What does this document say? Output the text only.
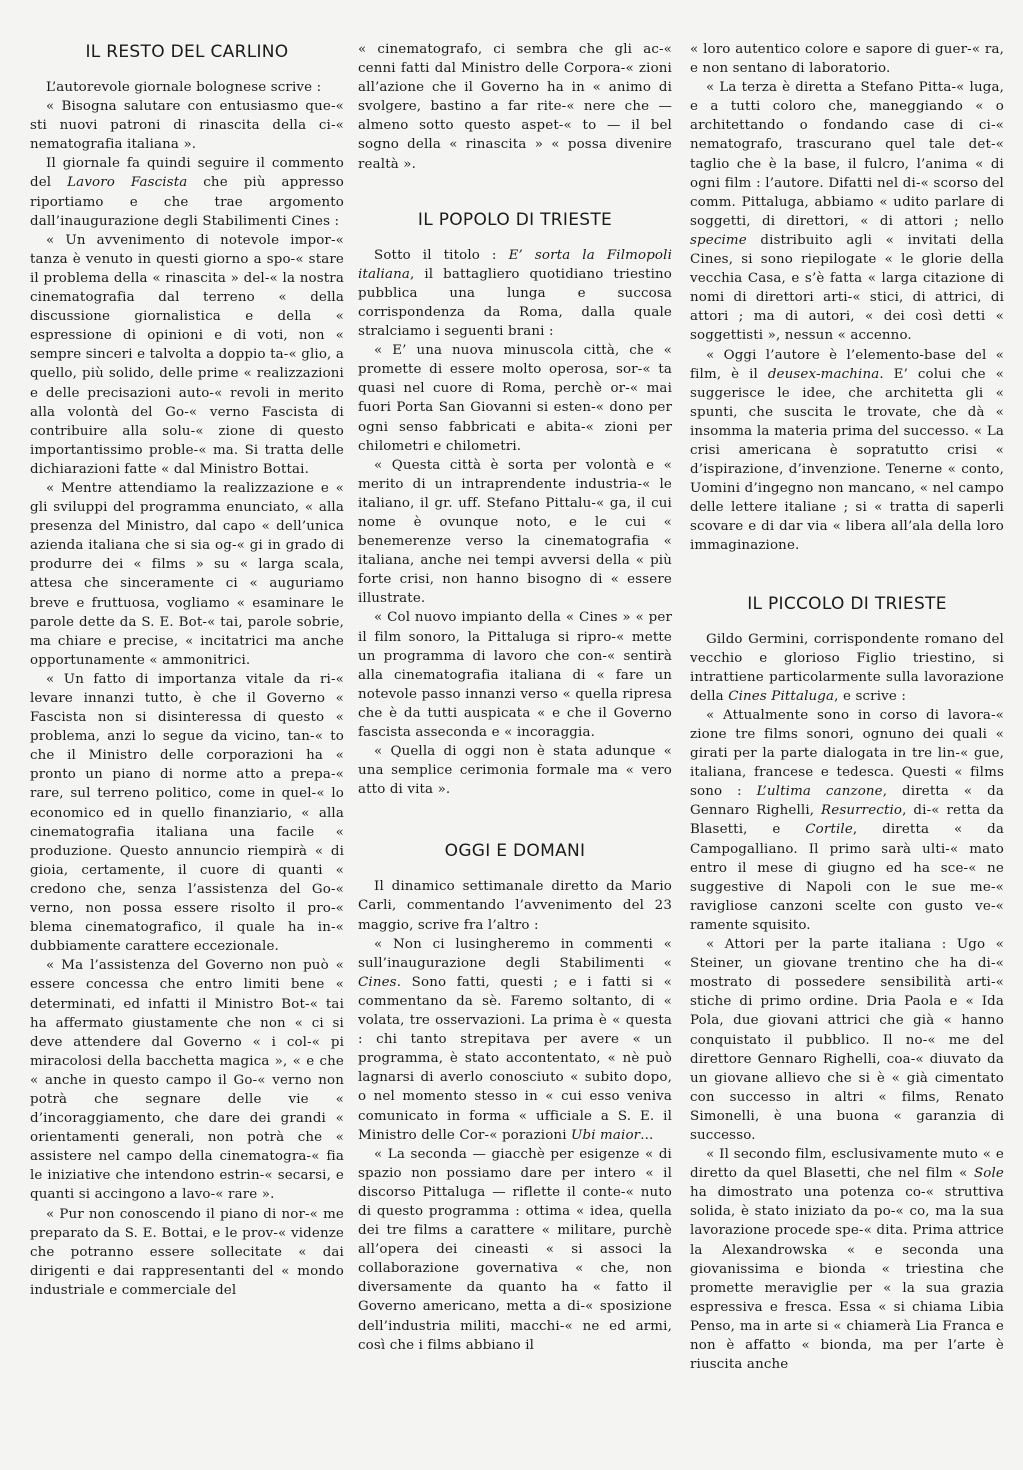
IL RESTO DEL CARLINO

L’autorevole giornale bolognese scrive :

« Bisogna salutare con entusiasmo que-« sti nuovi patroni di rinascita della ci-« nematografia italiana ».

Il giornale fa quindi seguire il commento del Lavoro Fascista che più appresso riportiamo e che trae argomento dall’inaugurazione degli Stabilimenti Cines :

« Un avvenimento di notevole impor-« tanza è venuto in questi giorno a spo-« stare il problema della « rinascita » del-« la nostra cinematografia dal terreno « della discussione giornalistica e della « espressione di opinioni e di voti, non « sempre sinceri e talvolta a doppio ta-« glio, a quello, più solido, delle prime « realizzazioni e delle precisazioni auto-« revoli in merito alla volontà del Go-« verno Fascista di contribuire alla solu-« zione di questo importantissimo proble-« ma. Si tratta delle dichiarazioni fatte « dal Ministro Bottai.

« Mentre attendiamo la realizzazione e « gli sviluppi del programma enunciato, « alla presenza del Ministro, dal capo « dell’unica azienda italiana che si sia og-« gi in grado di produrre dei « films » su « larga scala, attesa che sinceramente ci « auguriamo breve e fruttuosa, vogliamo « esaminare le parole dette da S. E. Bot-« tai, parole sobrie, ma chiare e precise, « incitatrici ma anche opportunamente « ammonitrici.

« Un fatto di importanza vitale da ri-« levare innanzi tutto, è che il Governo « Fascista non si disinteressa di questo « problema, anzi lo segue da vicino, tan-« to che il Ministro delle corporazioni ha « pronto un piano di norme atto a prepa-« rare, sul terreno politico, come in quel-« lo economico ed in quello finanziario, « alla cinematografia italiana una facile « produzione. Questo annuncio riempirà « di gioia, certamente, il cuore di quanti « credono che, senza l’assistenza del Go-« verno, non possa essere risolto il pro-« blema cinematografico, il quale ha in-« dubbiamente carattere eccezionale.

« Ma l’assistenza del Governo non può « essere concessa che entro limiti bene « determinati, ed infatti il Ministro Bot-« tai ha affermato giustamente che non « ci si deve attendere dal Governo « i col-« pi miracolosi della bacchetta magica », « e che « anche in questo campo il Go-« verno non potrà che segnare delle vie « d’incoraggiamento, che dare dei grandi « orientamenti generali, non potrà che « assistere nel campo della cinematogra-« fia le iniziative che intendono estrin-« secarsi, e quanti si accingono a lavo-« rare ».

« Pur non conoscendo il piano di nor-« me preparato da S. E. Bottai, e le prov-« videnze che potranno essere sollecitate « dai dirigenti e dai rappresentanti del « mondo industriale e commerciale del

« cinematografo, ci sembra che gli ac-« cenni fatti dal Ministro delle Corpora-« zioni all’azione che il Governo ha in « animo di svolgere, bastino a far rite-« nere che — almeno sotto questo aspet-« to — il bel sogno della « rinascita » « possa divenire realtà ».

IL POPOLO DI TRIESTE

Sotto il titolo : E’ sorta la Filmopoli italiana, il battagliero quotidiano triestino pubblica una lunga e succosa corrispondenza da Roma, dalla quale stralciamo i seguenti brani :

« E’ una nuova minuscola città, che « promette di essere molto operosa, sor-« ta quasi nel cuore di Roma, perchè or-« mai fuori Porta San Giovanni si esten-« dono per ogni senso fabbricati e abita-« zioni per chilometri e chilometri.

« Questa città è sorta per volontà e « merito di un intraprendente industria-« le italiano, il gr. uff. Stefano Pittalu-« ga, il cui nome è ovunque noto, e le cui « benemerenze verso la cinematografia « italiana, anche nei tempi avversi della « più forte crisi, non hanno bisogno di « essere illustrate.

« Col nuovo impianto della « Cines » « per il film sonoro, la Pittaluga si ripro-« mette un programma di lavoro che con-« sentirà alla cinematografia italiana di « fare un notevole passo innanzi verso « quella ripresa che è da tutti auspicata « e che il Governo fascista asseconda e « incoraggia.

« Quella di oggi non è stata adunque « una semplice cerimonia formale ma « vero atto di vita ».

OGGI E DOMANI

Il dinamico settimanale diretto da Mario Carli, commentando l’avvenimento del 23 maggio, scrive fra l’altro :

« Non ci lusingheremo in commenti « sull’inaugurazione degli Stabilimenti « Cines. Sono fatti, questi ; e i fatti si « commentano da sè. Faremo soltanto, di « volata, tre osservazioni. La prima è « questa : chi tanto strepitava per avere « un programma, è stato accontentato, « nè può lagnarsi di averlo conosciuto « subito dopo, o nel momento stesso in « cui esso veniva comunicato in forma « ufficiale a S. E. il Ministro delle Cor-« porazioni Ubi maior...

« La seconda — giacchè per esigenze « di spazio non possiamo dare per intero « il discorso Pittaluga — riflette il conte-« nuto di questo programma : ottima « idea, quella dei tre films a carattere « militare, purchè all’opera dei cineasti « si associ la collaborazione governativa « che, non diversamente da quanto ha « fatto il Governo americano, metta a di-« sposizione dell’industria militi, macchi-« ne ed armi, così che i films abbiano il

« loro autentico colore e sapore di guer-« ra, e non sentano di laboratorio.

« La terza è diretta a Stefano Pitta-« luga, e a tutti coloro che, maneggiando « o architettando o fondando case di ci-« nematografo, trascurano quel tale det-« taglio che è la base, il fulcro, l’anima « di ogni film : l’autore. Difatti nel di-« scorso del comm. Pittaluga, abbiamo « udito parlare di soggetti, di direttori, « di attori ; nello specime distribuito agli « invitati della Cines, si sono riepilogate « le glorie della vecchia Casa, e s’è fatta « larga citazione di nomi di direttori arti-« stici, di attrici, di attori ; ma di autori, « dei così detti « soggettisti », nessun « accenno.

« Oggi l’autore è l’elemento-base del « film, è il deusex-machina. E’ colui che « suggerisce le idee, che architetta gli « spunti, che suscita le trovate, che dà « insomma la materia prima del successo. « La crisi americana è sopratutto crisi « d’ispirazione, d’invenzione. Tenerne « conto, Uomini d’ingegno non mancano, « nel campo delle lettere italiane ; si « tratta di saperli scovare e di dar via « libera all’ala della loro immaginazione.

IL PICCOLO DI TRIESTE

Gildo Germini, corrispondente romano del vecchio e glorioso Figlio triestino, si intrattiene particolarmente sulla lavorazione della Cines Pittaluga, e scrive :

« Attualmente sono in corso di lavora-« zione tre films sonori, ognuno dei quali « girati per la parte dialogata in tre lin-« gue, italiana, francese e tedesca. Questi « films sono : L’ultima canzone, diretta « da Gennaro Righelli, Resurrectio, di-« retta da Blasetti, e Cortile, diretta « da Campogalliano. Il primo sarà ulti-« mato entro il mese di giugno ed ha sce-« ne suggestive di Napoli con le sue me-« ravigliose canzoni scelte con gusto ve-« ramente squisito.

« Attori per la parte italiana : Ugo « Steiner, un giovane trentino che ha di-« mostrato di possedere sensibilità arti-« stiche di primo ordine. Dria Paola e « Ida Pola, due giovani attrici che già « hanno conquistato il pubblico. Il no-« me del direttore Gennaro Righelli, coa-« diuvato da un giovane allievo che si è « già cimentato con successo in altri « films, Renato Simonelli, è una buona « garanzia di successo.

« Il secondo film, esclusivamente muto « e diretto da quel Blasetti, che nel film « Sole ha dimostrato una potenza co-« struttiva solida, è stato iniziato da po-« co, ma la sua lavorazione procede spe-« dita. Prima attrice la Alexandrowska « e seconda una giovanissima e bionda « triestina che promette meraviglie per « la sua grazia espressiva e fresca. Essa « si chiama Libia Penso, ma in arte si « chiamerà Lia Franca e non è affatto « bionda, ma per l’arte è riuscita anche
